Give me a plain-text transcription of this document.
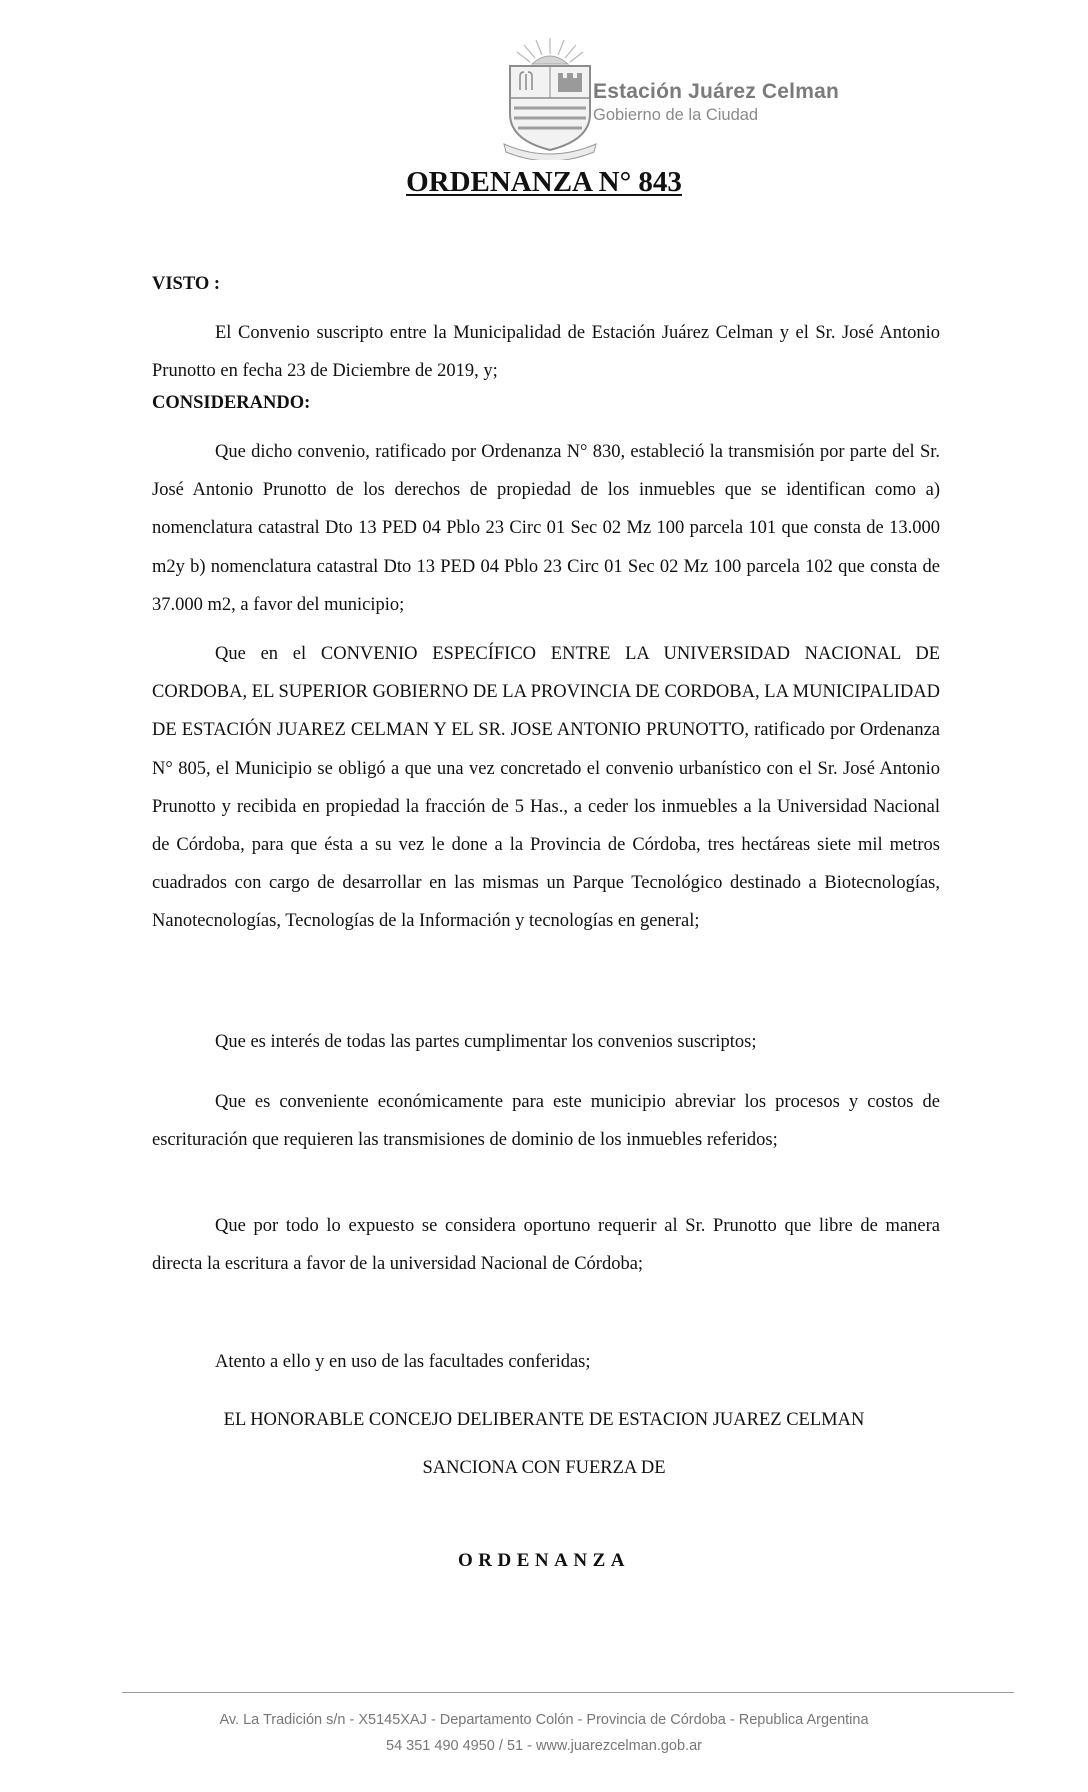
Estación Juárez Celman
Gobierno de la Ciudad
ORDENANZA N° 843
VISTO :
El Convenio suscripto entre la Municipalidad de Estación Juárez Celman y el Sr. José Antonio Prunotto en fecha 23 de Diciembre de 2019, y;
CONSIDERANDO:
Que dicho convenio, ratificado por Ordenanza N° 830, estableció la transmisión por parte del Sr. José Antonio Prunotto de los derechos de propiedad de los inmuebles que se identifican como a) nomenclatura catastral Dto 13 PED 04 Pblo 23 Circ 01 Sec 02 Mz 100 parcela 101 que consta de 13.000 m2y b) nomenclatura catastral Dto 13 PED 04 Pblo 23 Circ 01 Sec 02 Mz 100 parcela 102 que consta de 37.000 m2, a favor del municipio;
Que en el CONVENIO ESPECÍFICO ENTRE LA UNIVERSIDAD NACIONAL DE CORDOBA, EL SUPERIOR GOBIERNO DE LA PROVINCIA DE CORDOBA, LA MUNICIPALIDAD DE ESTACIÓN JUAREZ CELMAN Y EL SR. JOSE ANTONIO PRUNOTTO, ratificado por Ordenanza N° 805, el Municipio se obligó a que una vez concretado el convenio urbanístico con el Sr. José Antonio Prunotto y recibida en propiedad la fracción de 5 Has., a ceder los inmuebles a la Universidad Nacional de Córdoba, para que ésta a su vez le done a la Provincia de Córdoba, tres hectáreas siete mil metros cuadrados con cargo de desarrollar en las mismas un Parque Tecnológico destinado a Biotecnologías, Nanotecnologías, Tecnologías de la Información y tecnologías en general;
Que es interés de todas las partes cumplimentar los convenios suscriptos;
Que es conveniente económicamente para este municipio abreviar los procesos y costos de escrituración que requieren las transmisiones de dominio de los inmuebles referidos;
Que por todo lo expuesto se considera oportuno requerir al Sr. Prunotto que libre de manera directa la escritura a favor de la universidad Nacional de Córdoba;
Atento a ello y en uso de las facultades conferidas;
EL HONORABLE CONCEJO DELIBERANTE DE ESTACION JUAREZ CELMAN
SANCIONA CON FUERZA DE
ORDENANZA
Av. La Tradición s/n - X5145XAJ - Departamento Colón - Provincia de Córdoba - Republica Argentina
54 351 490 4950 / 51 - www.juarezcelman.gob.ar
